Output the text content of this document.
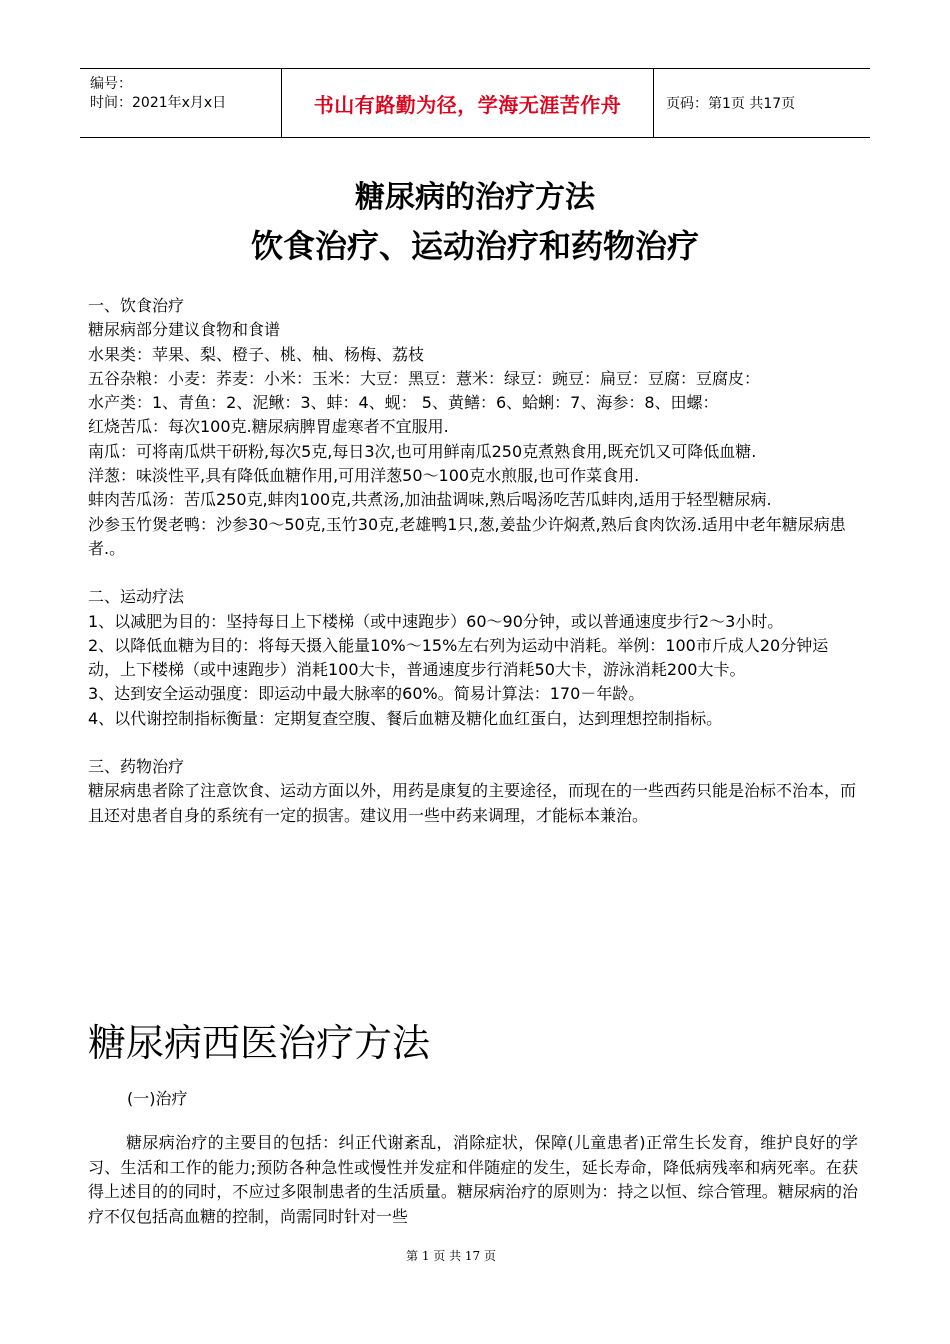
编号：
时间：2021年x月x日	书山有路勤为径，学海无涯苦作舟	页码：第1页 共17页
糖尿病的治疗方法
饮食治疗、运动治疗和药物治疗

一、饮食治疗

糖尿病部分建议食物和食谱

水果类：苹果、梨、橙子、桃、柚、杨梅、荔枝

五谷杂粮：小麦：荞麦：小米：玉米：大豆：黑豆：薏米：绿豆：豌豆：扁豆：豆腐：豆腐皮：

水产类：1、青鱼：2、泥鳅：3、蚌：4、蚬： 5、黄鳝：6、蛤蜊：7、海参：8、田螺：

红烧苦瓜：每次100克.糖尿病脾胃虚寒者不宜服用.

南瓜：可将南瓜烘干研粉,每次5克,每日3次,也可用鲜南瓜250克煮熟食用,既充饥又可降低血糖.

洋葱：味淡性平,具有降低血糖作用,可用洋葱50～100克水煎服,也可作菜食用.

蚌肉苦瓜汤：苦瓜250克,蚌肉100克,共煮汤,加油盐调味,熟后喝汤吃苦瓜蚌肉,适用于轻型糖尿病.

沙参玉竹煲老鸭：沙参30～50克,玉竹30克,老雄鸭1只,葱,姜盐少许焖煮,熟后食肉饮汤.适用中老年糖尿病患者.。

二、运动疗法

1、以减肥为目的：坚持每日上下楼梯（或中速跑步）60～90分钟，或以普通速度步行2～3小时。

2、以降低血糖为目的：将每天摄入能量10%～15%左右列为运动中消耗。举例：100市斤成人20分钟运动，上下楼梯（或中速跑步）消耗100大卡，普通速度步行消耗50大卡，游泳消耗200大卡。

3、达到安全运动强度：即运动中最大脉率的60%。简易计算法：170－年龄。

4、以代谢控制指标衡量：定期复查空腹、餐后血糖及糖化血红蛋白，达到理想控制指标。

三、药物治疗

糖尿病患者除了注意饮食、运动方面以外，用药是康复的主要途径，而现在的一些西药只能是治标不治本，而且还对患者自身的系统有一定的损害。建议用一些中药来调理，才能标本兼治。

糖尿病西医治疗方法
(一)治疗

糖尿病治疗的主要目的包括：纠正代谢紊乱，消除症状，保障(儿童患者)正常生长发育，维护良好的学习、生活和工作的能力;预防各种急性或慢性并发症和伴随症的发生，延长寿命，降低病残率和病死率。在获得上述目的的同时，不应过多限制患者的生活质量。糖尿病治疗的原则为：持之以恒、综合管理。糖尿病的治疗不仅包括高血糖的控制，尚需同时针对一些

第 1 页 共 17 页
